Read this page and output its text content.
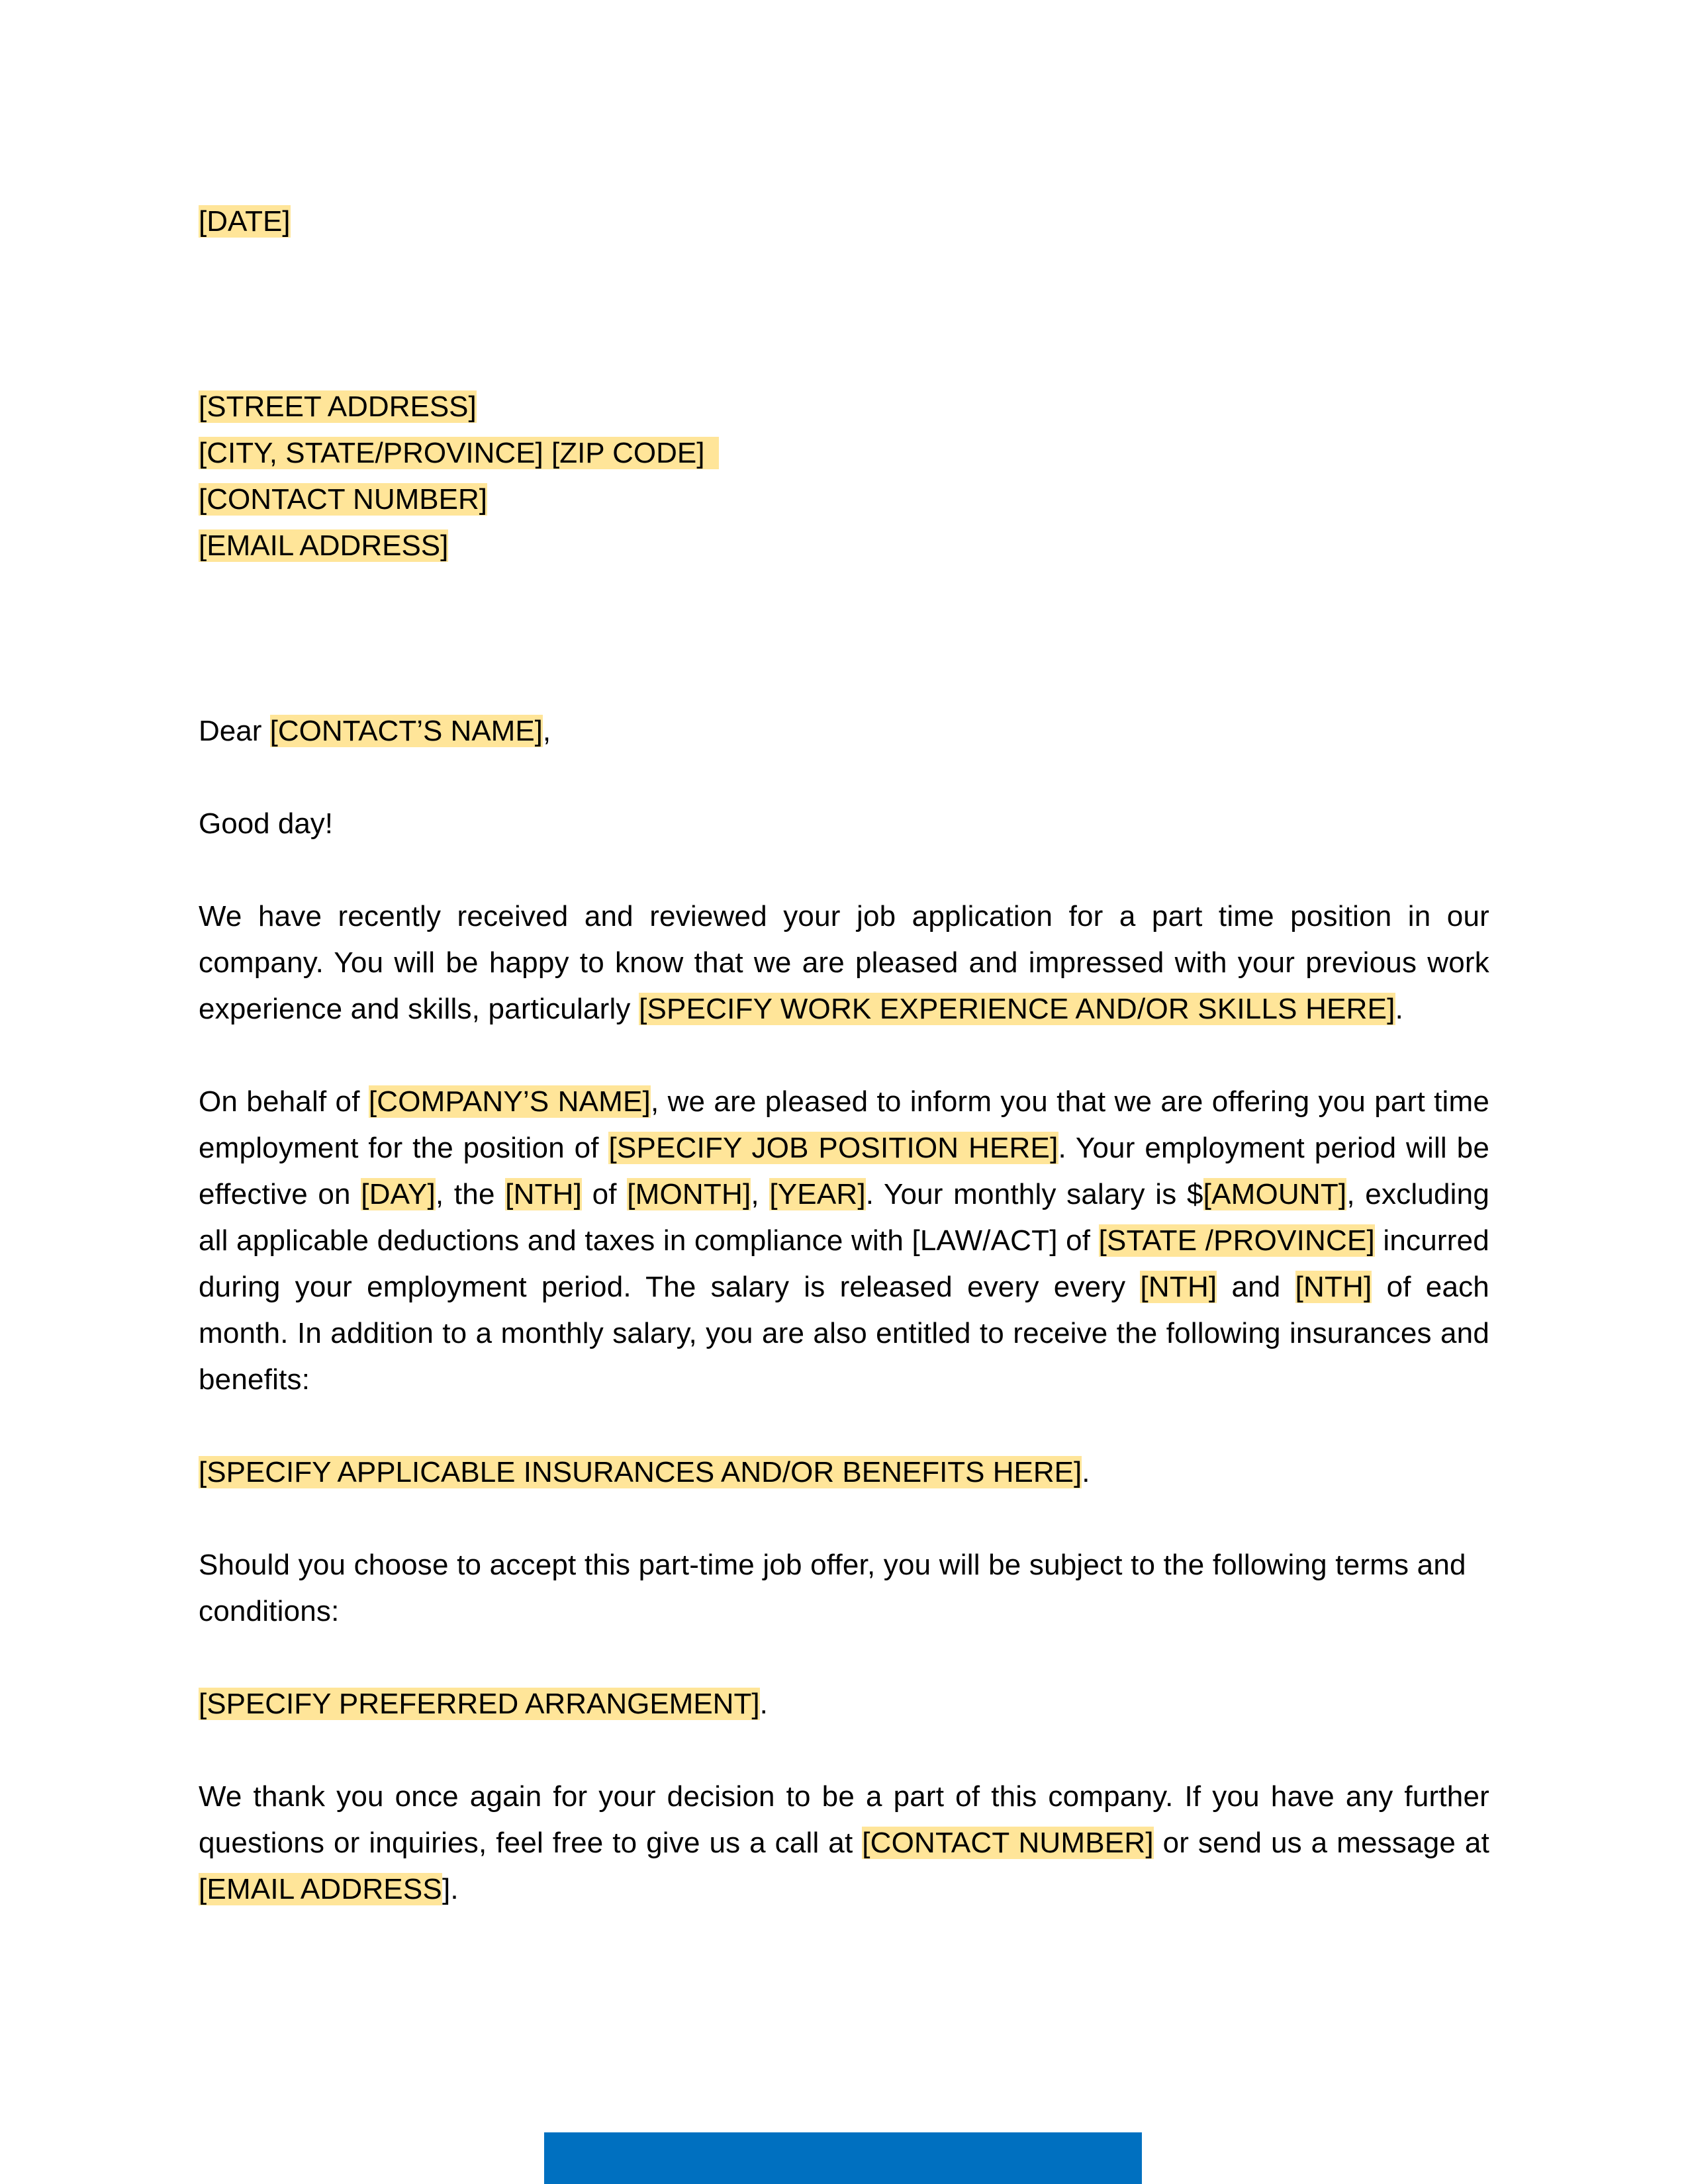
[DATE]
[STREET ADDRESS]
[CITY, STATE/PROVINCE] [ZIP CODE]
[CONTACT NUMBER]
[EMAIL ADDRESS]
Dear [CONTACT’S NAME],
Good day!
We have recently received and reviewed your job application for a part time position in our company. You will be happy to know that we are pleased and impressed with your previous work experience and skills, particularly [SPECIFY WORK EXPERIENCE AND/OR SKILLS HERE].
On behalf of [COMPANY’S NAME], we are pleased to inform you that we are offering you part time employment for the position of [SPECIFY JOB POSITION HERE]. Your employment period will be effective on [DAY], the [NTH] of [MONTH], [YEAR]. Your monthly salary is $[AMOUNT], excluding all applicable deductions and taxes in compliance with [LAW/ACT] of [STATE /PROVINCE] incurred during your employment period. The salary is released every every [NTH] and [NTH] of each month. In addition to a monthly salary, you are also entitled to receive the following insurances and benefits:
[SPECIFY APPLICABLE INSURANCES AND/OR BENEFITS HERE].
Should you choose to accept this part-time job offer, you will be subject to the following terms and conditions:
[SPECIFY PREFERRED ARRANGEMENT].
We thank you once again for your decision to be a part of this company. If you have any further questions or inquiries, feel free to give us a call at [CONTACT NUMBER] or send us a message at [EMAIL ADDRESS].
